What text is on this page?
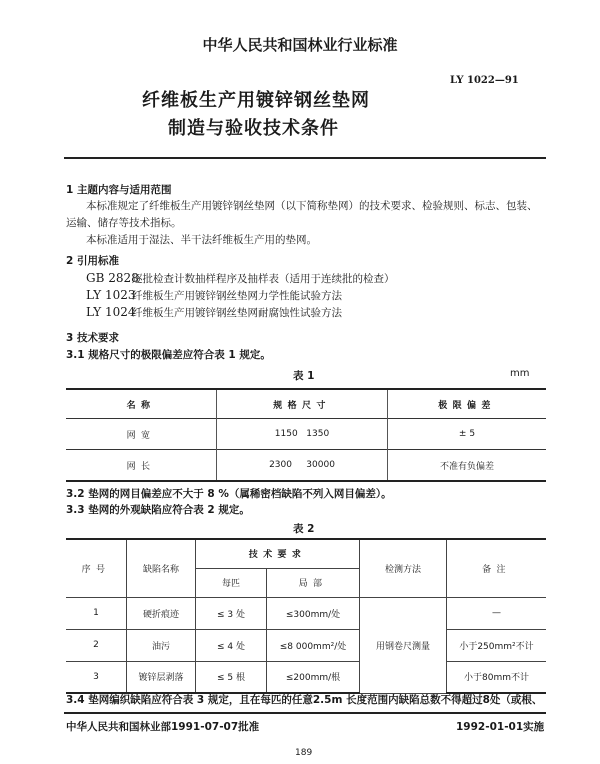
中华人民共和国林业行业标准
LY 1022—91
纤维板生产用镀锌钢丝垫网
制造与验收技术条件
1 主题内容与适用范围
本标准规定了纤维板生产用镀锌钢丝垫网（以下简称垫网）的技术要求、检验规则、标志、包装、
运输、储存等技术指标。
本标准适用于湿法、半干法纤维板生产用的垫网。
2 引用标准
GB 2828逐批检查计数抽样程序及抽样表（适用于连续批的检查）
LY 1023纤维板生产用镀锌钢丝垫网力学性能试验方法
LY 1024纤维板生产用镀锌钢丝垫网耐腐蚀性试验方法
3 技术要求
3.1 规格尺寸的极限偏差应符合表 1 规定。
表 1	mm
名称	规格尺寸	极限偏差
网宽	1150   1350	± 5
网长	2300     30000	不准有负偏差
3.2 垫网的网目偏差应不大于 8 %（属稀密档缺陷不列入网目偏差）。
3.3 垫网的外观缺陷应符合表 2 规定。
表 2
序号	缺陷名称	技术要求		检测方法	备注
		每匹	局部		
1	硬折痕迹	≤ 3 处	≤300mm/处	用钢卷尺测量	—
2	油污	≤ 4 处	≤8 000mm²/处		小于250mm²不计
3	镀锌层剥落	≤ 5 根	≤200mm/根		小于80mm不计
3.4 垫网编织缺陷应符合表 3 规定，且在每匹的任意2.5m 长度范围内缺陷总数不得超过8处（或根、
中华人民共和国林业部1991-07-07批准	1992-01-01实施
189
